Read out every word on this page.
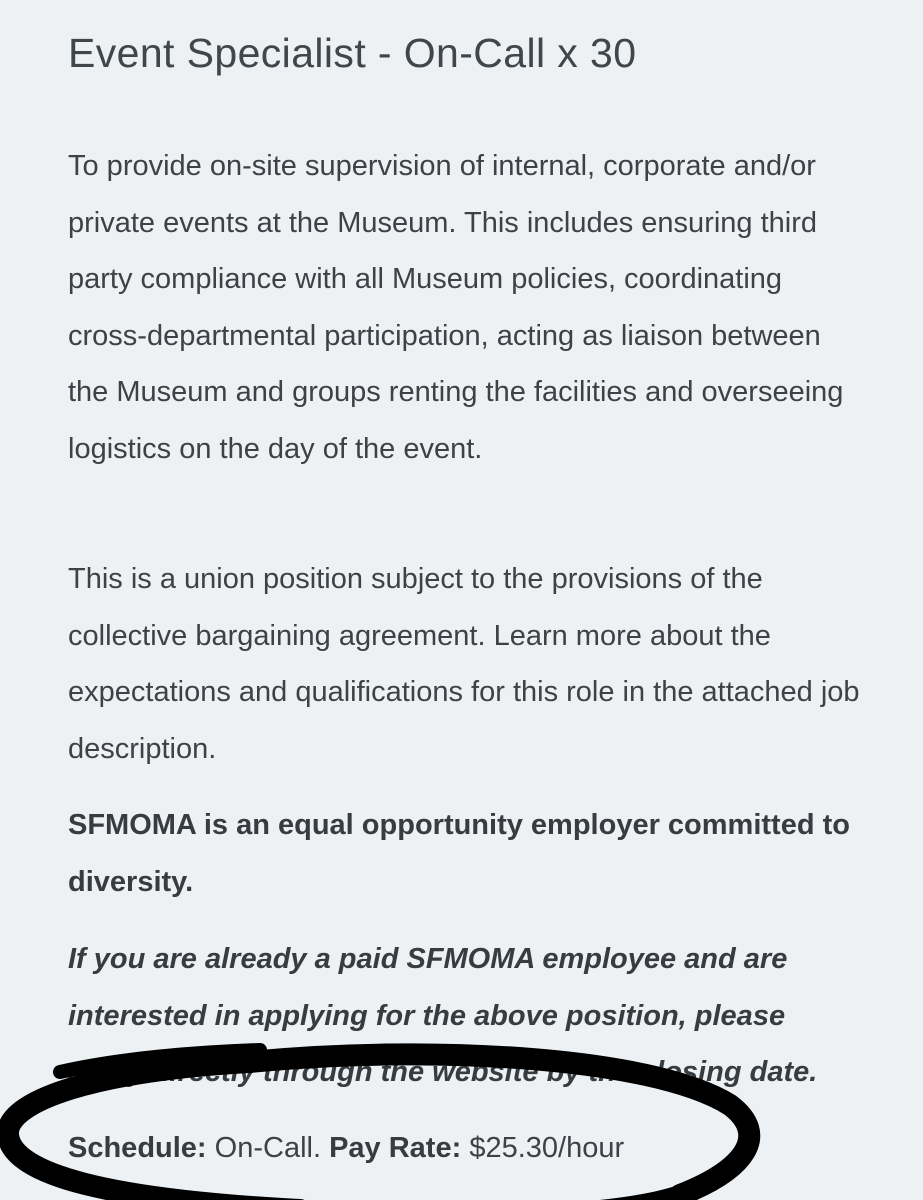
Event Specialist - On-Call x 30

To provide on-site supervision of internal, corporate and/or private events at the Museum. This includes ensuring third party compliance with all Museum policies, coordinating cross-departmental participation, acting as liaison between the Museum and groups renting the facilities and overseeing logistics on the day of the event.

This is a union position subject to the provisions of the collective bargaining agreement. Learn more about the expectations and qualifications for this role in the attached job description.

SFMOMA is an equal opportunity employer committed to diversity.

If you are already a paid SFMOMA employee and are interested in applying for the above position, please apply directly through the website by the closing date.

Schedule: On-Call. Pay Rate: $25.30/hour
